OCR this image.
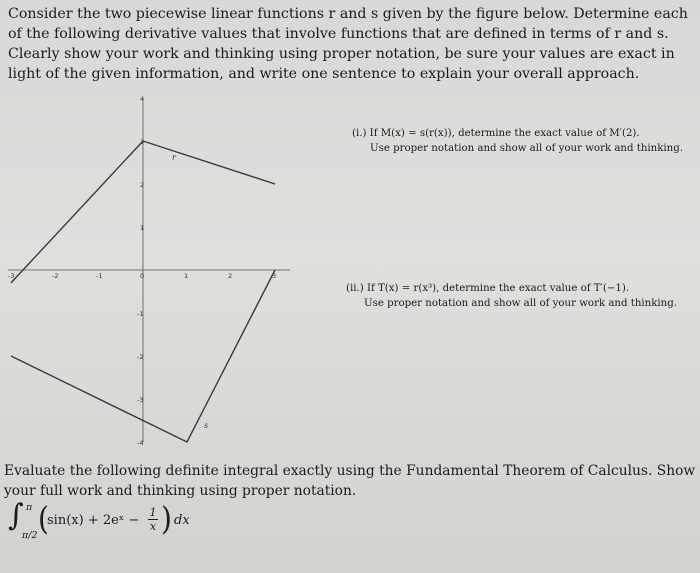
Consider the two piecewise linear functions r and s given by the figure below. Determine each of the following derivative values that involve functions that are defined in terms of r and s. Clearly show your work and thinking using proper notation, be sure your values are exact in light of the given information, and write one sentence to explain your overall approach.

-3	-2	-1	0	1	2	3
4
3
2
1
-1
-2
-3
-4
r
s

(i.) If M(x) = s(r(x)), determine the exact value of M′(2).
Use proper notation and show all of your work and thinking.

(ii.) If T(x) = r(x³), determine the exact value of T′(−1).
Use proper notation and show all of your work and thinking.

Evaluate the following definite integral exactly using the Fundamental Theorem of Calculus. Show your full work and thinking using proper notation.

∫ π
π/2 (
sin(x) + 2eˣ − $\frac{1}{x}$ ) dx
